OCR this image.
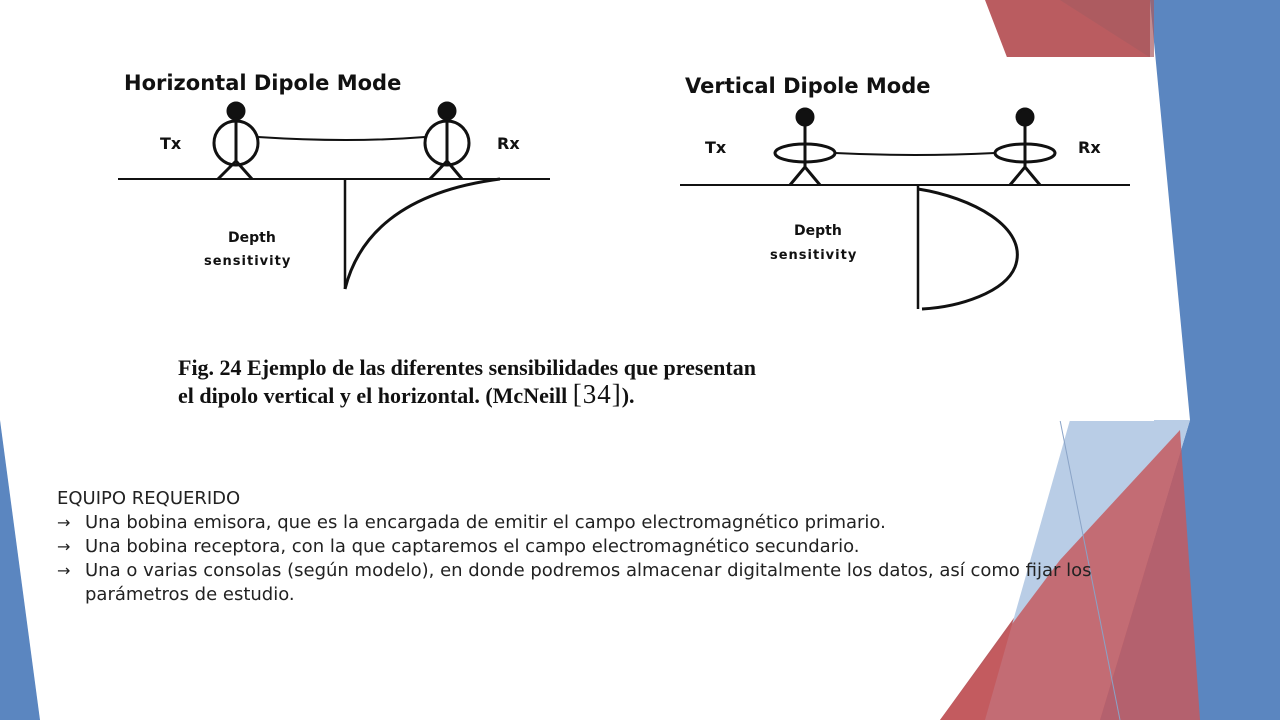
Horizontal Dipole Mode
Tx	Rx
Depth
sensitivity
Vertical Dipole Mode
Tx	Rx
Depth
sensitivity
Fig. 24 Ejemplo de las diferentes sensibilidades que presentan
el dipolo vertical y el horizontal. (McNeill [34]).
EQUIPO REQUERIDO
→ Una bobina emisora, que es la encargada de emitir el campo electromagnético primario.
→ Una bobina receptora, con la que captaremos el campo electromagnético secundario.
→ Una o varias consolas (según modelo), en donde podremos almacenar digitalmente los datos, así como fijar los parámetros de estudio.
